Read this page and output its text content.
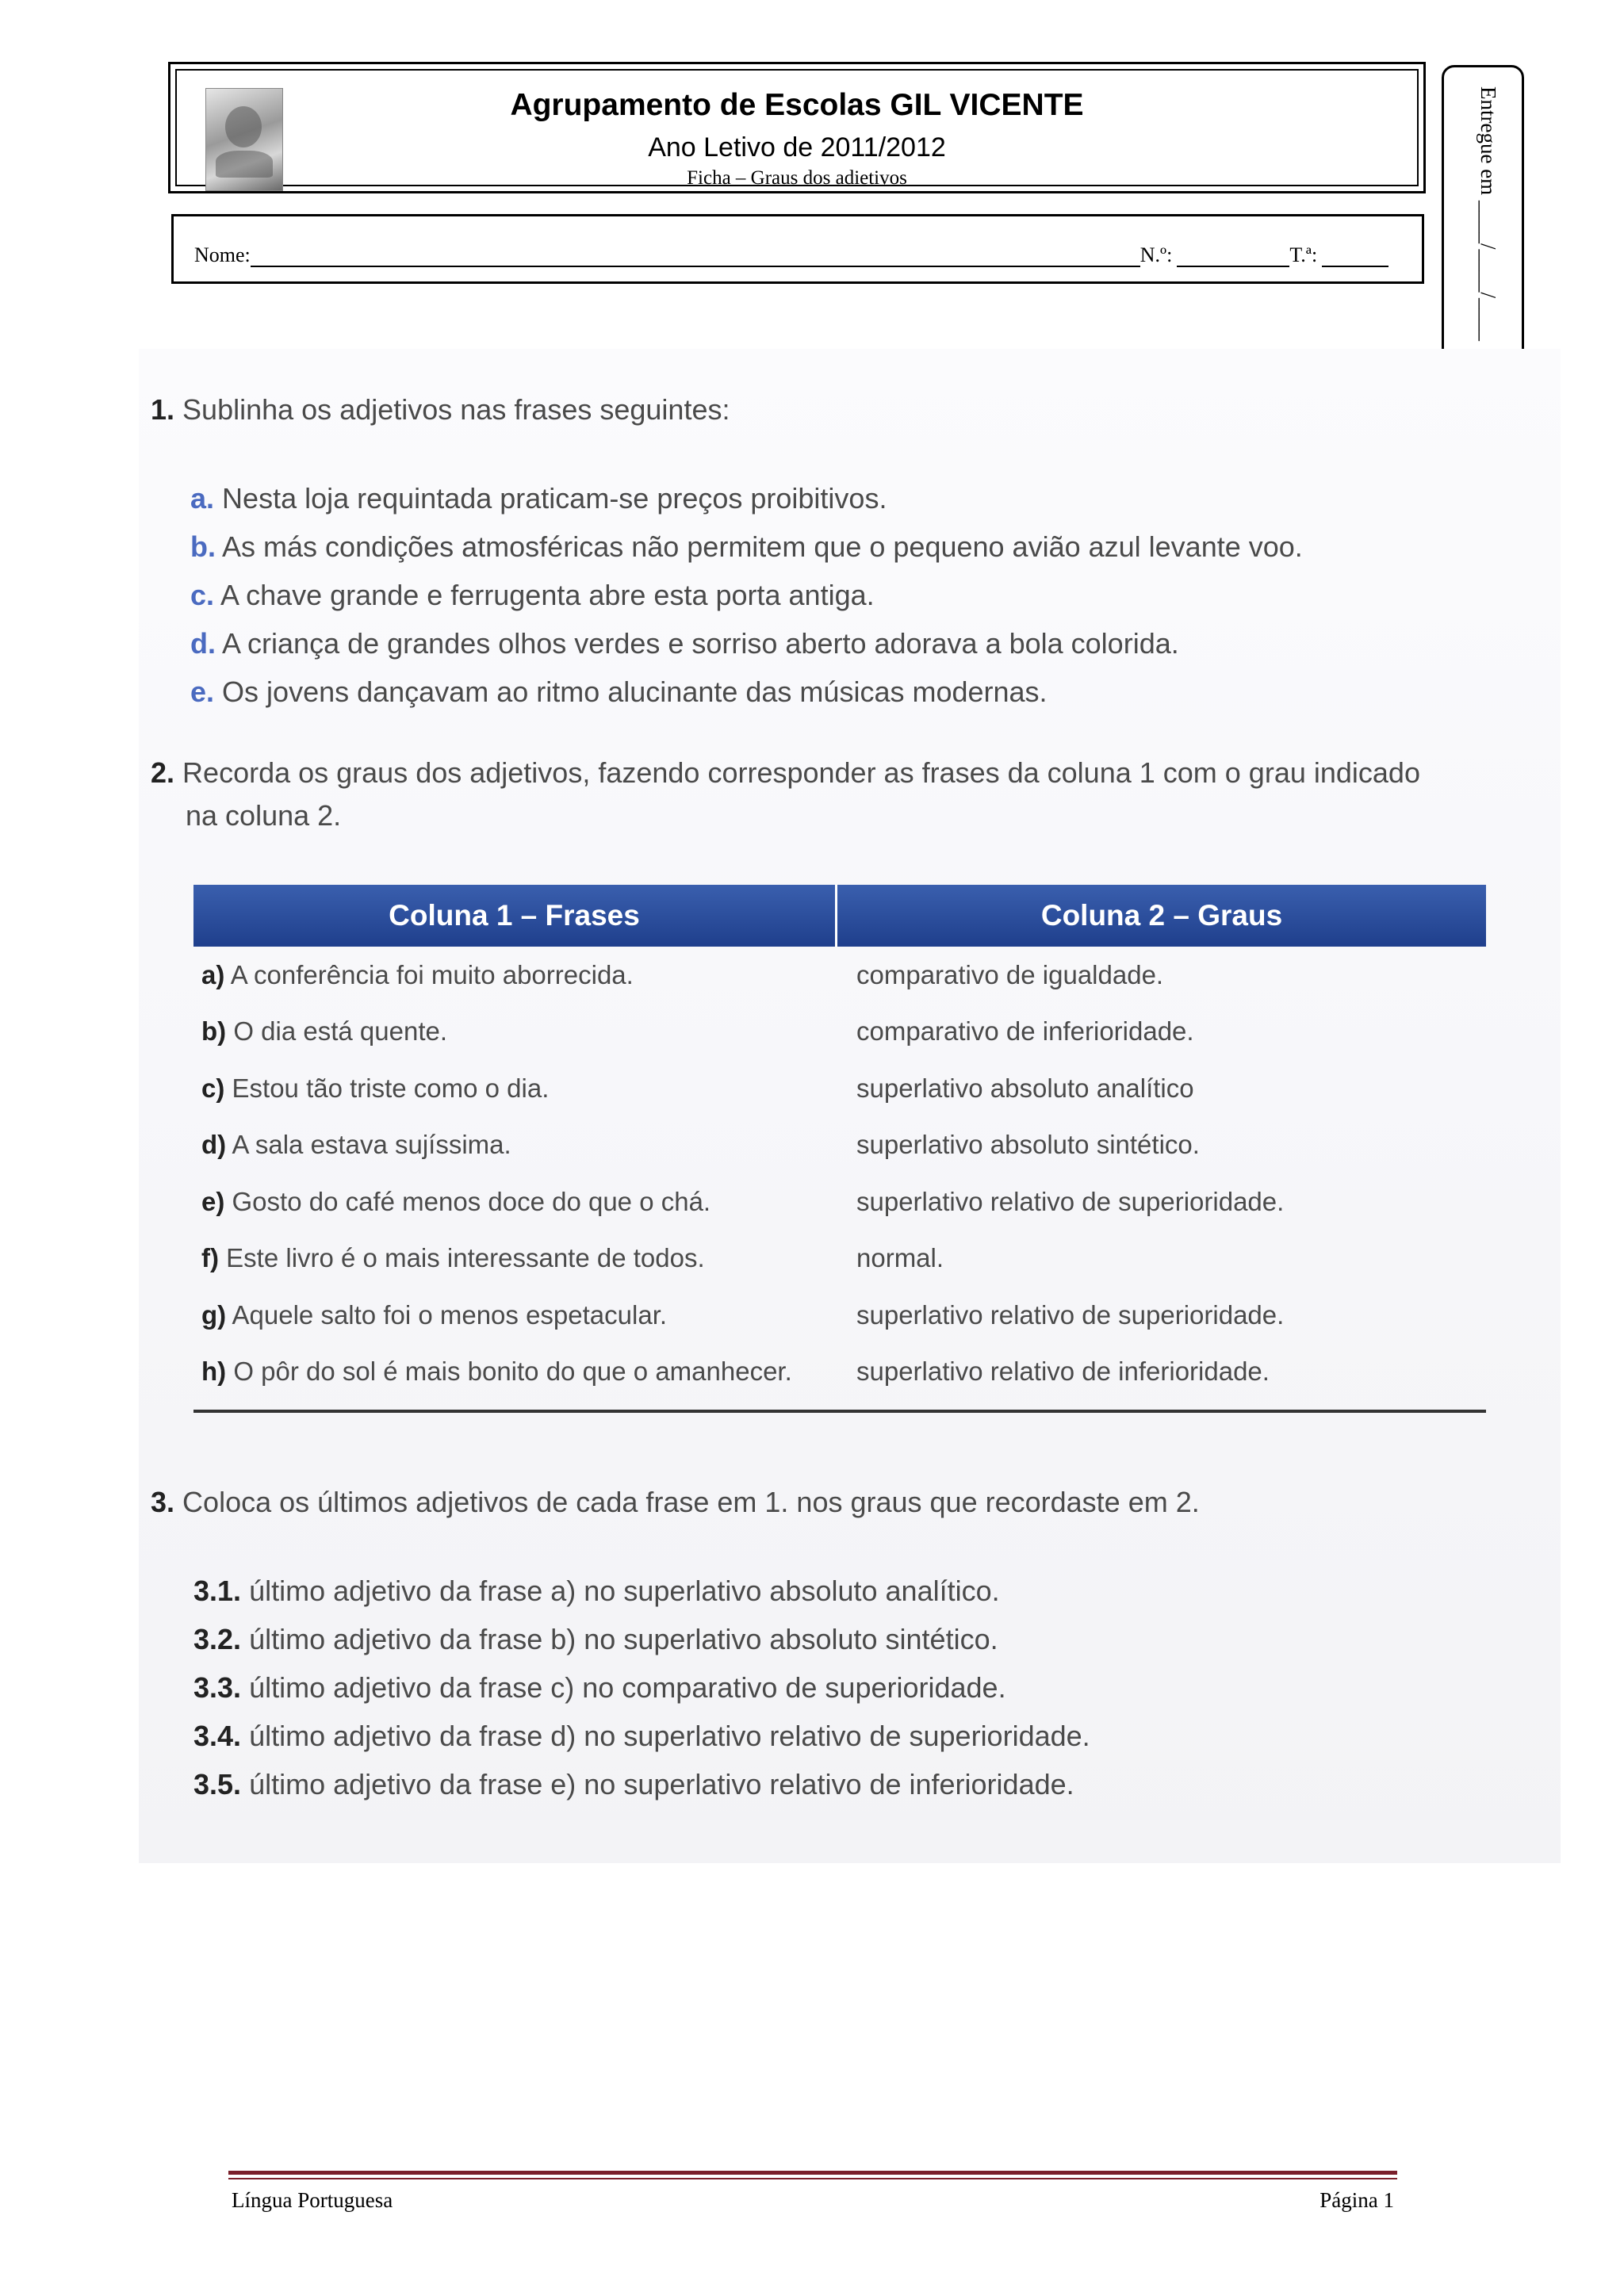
Agrupamento de Escolas GIL VICENTE
Ano Letivo de 2011/2012
Ficha – Graus dos adietivos
Nome:	N.º:	T.ª:	Entregue em ____/____/____
1. Sublinha os adjetivos nas frases seguintes:
a. Nesta loja requintada praticam-se preços proibitivos.
b. As más condições atmosféricas não permitem que o pequeno avião azul levante voo.
c. A chave grande e ferrugenta abre esta porta antiga.
d. A criança de grandes olhos verdes e sorriso aberto adorava a bola colorida.
e. Os jovens dançavam ao ritmo alucinante das músicas modernas.
2. Recorda os graus dos adjetivos, fazendo corresponder as frases da coluna 1 com o grau indicado
na coluna 2.
Coluna 1 – Frases	Coluna 2 – Graus
a) A conferência foi muito aborrecida.	comparativo de igualdade.
b) O dia está quente.	comparativo de inferioridade.
c) Estou tão triste como o dia.	superlativo absoluto analítico
d) A sala estava sujíssima.	superlativo absoluto sintético.
e) Gosto do café menos doce do que o chá.	superlativo relativo de superioridade.
f) Este livro é o mais interessante de todos.	normal.
g) Aquele salto foi o menos espetacular.	superlativo relativo de superioridade.
h) O pôr do sol é mais bonito do que o amanhecer.	superlativo relativo de inferioridade.
3. Coloca os últimos adjetivos de cada frase em 1. nos graus que recordaste em 2.
3.1. último adjetivo da frase a) no superlativo absoluto analítico.
3.2. último adjetivo da frase b) no superlativo absoluto sintético.
3.3. último adjetivo da frase c) no comparativo de superioridade.
3.4. último adjetivo da frase d) no superlativo relativo de superioridade.
3.5. último adjetivo da frase e) no superlativo relativo de inferioridade.
Língua Portuguesa	Página 1
